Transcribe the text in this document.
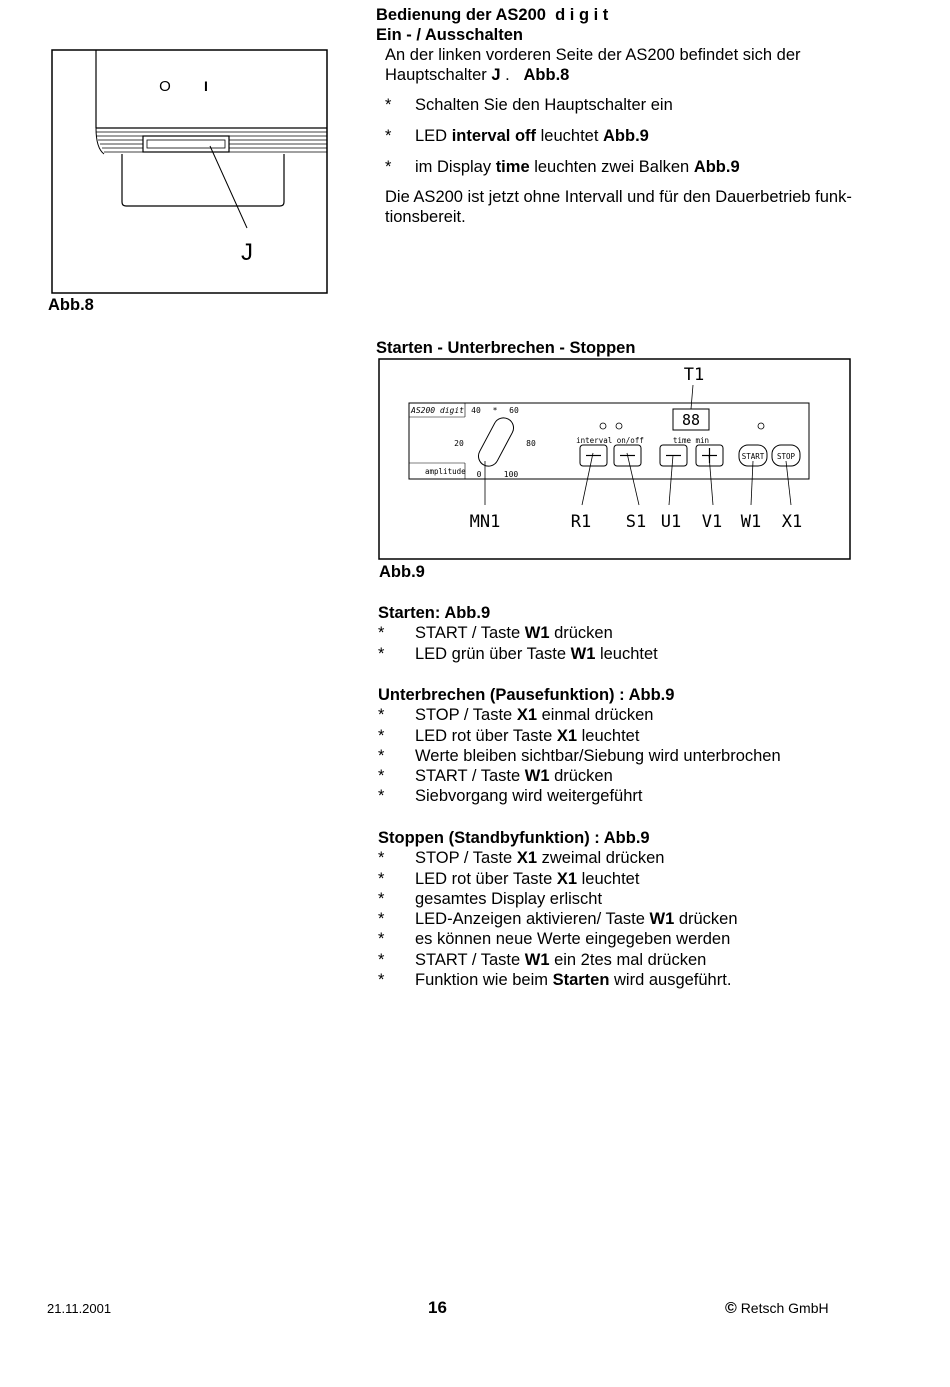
Bedienung der AS200 d i g i t
Ein - / Ausschalten
An der linken vorderen Seite der AS200 befindet sich der
Hauptschalter J .   Abb.8
* Schalten Sie den Hauptschalter ein
* LED interval off leuchtet Abb.9
* im Display time leuchten zwei Balken Abb.9
Die AS200 ist jetzt ohne Intervall und für den Dauerbetrieb funk-
tionsbereit.
O I
J
Abb.8
Starten - Unterbrechen - Stoppen
AS200 digit 40 * 60
20	80
0	100
amplitude
interval on/off
88
time min
START STOP
T1
MN1	R1 S1 U1 V1 W1 X1
Abb.9
Starten: Abb.9
* START / Taste W1 drücken
* LED grün über Taste W1 leuchtet
Unterbrechen (Pausefunktion) : Abb.9
* STOP / Taste X1 einmal drücken
* LED rot über Taste X1 leuchtet
* Werte bleiben sichtbar/Siebung wird unterbrochen
* START / Taste W1 drücken
* Siebvorgang wird weitergeführt
Stoppen (Standbyfunktion) : Abb.9
* STOP / Taste X1 zweimal drücken
* LED rot über Taste X1 leuchtet
* gesamtes Display erlischt
* LED-Anzeigen aktivieren/ Taste W1 drücken
* es können neue Werte eingegeben werden
* START / Taste W1 ein 2tes mal drücken
* Funktion wie beim Starten wird ausgeführt.
21.11.2001	16	© Retsch GmbH
